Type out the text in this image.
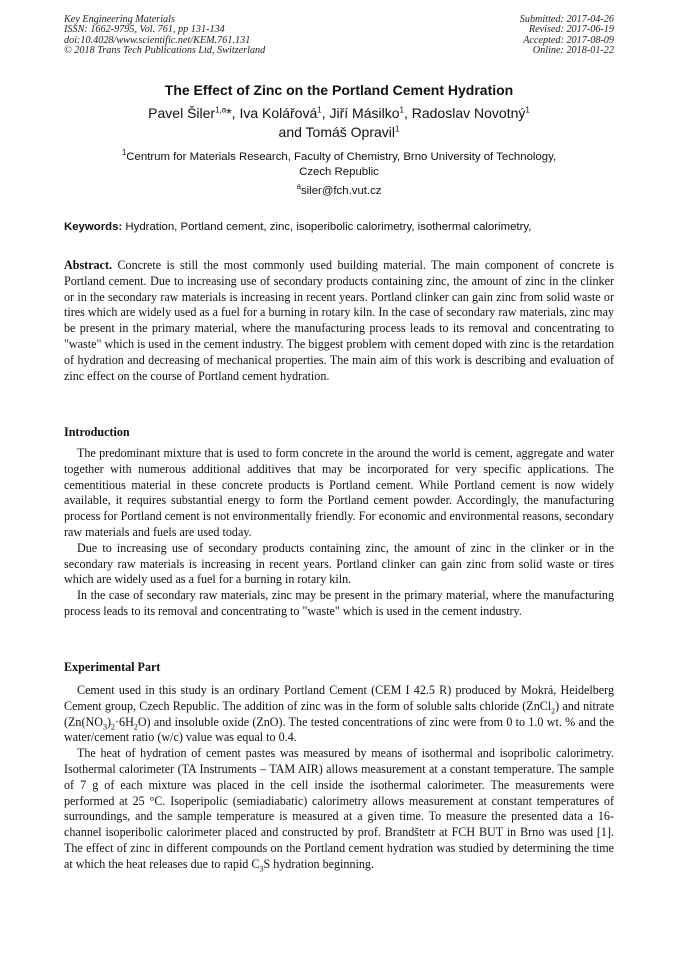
Key Engineering Materials
ISSN: 1662-9795, Vol. 761, pp 131-134
doi:10.4028/www.scientific.net/KEM.761.131
© 2018 Trans Tech Publications Ltd, Switzerland
Submitted: 2017-04-26
Revised: 2017-06-19
Accepted: 2017-08-09
Online: 2018-01-22
The Effect of Zinc on the Portland Cement Hydration
Pavel Šiler$^{1,a}$*, Iva Kolářová$^1$, Jiří Másilko$^1$, Radoslav Novotný$^1$
and Tomáš Opravil$^1$
$^1$Centrum for Materials Research, Faculty of Chemistry, Brno University of Technology,
Czech Republic
$^a$siler@fch.vut.cz
Keywords: Hydration, Portland cement, zinc, isoperibolic calorimetry, isothermal calorimetry,

Abstract. Concrete is still the most commonly used building material. The main component of concrete is Portland cement. Due to increasing use of secondary products containing zinc, the amount of zinc in the clinker or in the secondary raw materials is increasing in recent years. Portland clinker can gain zinc from solid waste or tires which are widely used as a fuel for a burning in rotary kiln. In the case of secondary raw materials, zinc may be present in the primary material, where the manufacturing process leads to its removal and concentrating to "waste" which is used in the cement industry. The biggest problem with cement doped with zinc is the retardation of hydration and decreasing of mechanical properties. The main aim of this work is describing and evaluation of zinc effect on the course of Portland cement hydration.

Introduction

The predominant mixture that is used to form concrete in the around the world is cement, aggregate and water together with numerous additional additives that may be incorporated for very specific applications. The cementitious material in these concrete products is Portland cement. While Portland cement is now widely available, it requires substantial energy to form the Portland cement powder. Accordingly, the manufacturing process for Portland cement is not environmentally friendly. For economic and environmental reasons, secondary raw materials and fuels are used today.

Due to increasing use of secondary products containing zinc, the amount of zinc in the clinker or in the secondary raw materials is increasing in recent years. Portland clinker can gain zinc from solid waste or tires which are widely used as a fuel for a burning in rotary kiln.

In the case of secondary raw materials, zinc may be present in the primary material, where the manufacturing process leads to its removal and concentrating to "waste" which is used in the cement industry.

Experimental Part

Cement used in this study is an ordinary Portland Cement (CEM I 42.5 R) produced by Mokrá, Heidelberg Cement group, Czech Republic. The addition of zinc was in the form of soluble salts chloride (ZnCl$_2$) and nitrate $(Zn(NO_3)_2\cdot 6H_2O)$ and insoluble oxide (ZnO). The tested concentrations of zinc were from 0 to 1.0 wt. % and the water/cement ratio (w/c) value was equal to 0.4.

The heat of hydration of cement pastes was measured by means of isothermal and isopribolic calorimetry. Isothermal calorimeter (TA Instruments – TAM AIR) allows measurement at a constant temperature. The sample of 7 g of each mixture was placed in the cell inside the isothermal calorimeter. The measurements were performed at 25 °C. Isoperipolic (semiadiabatic) calorimetry allows measurement at constant temperatures of surroundings, and the sample temperature is measured at a given time. To measure the presented data a 16-channel isoperibolic calorimeter placed and constructed by prof. Brandštetr at FCH BUT in Brno was used [1]. The effect of zinc in different compounds on the Portland cement hydration was studied by determining the time at which the heat releases due to rapid $C_3S$ hydration beginning.
